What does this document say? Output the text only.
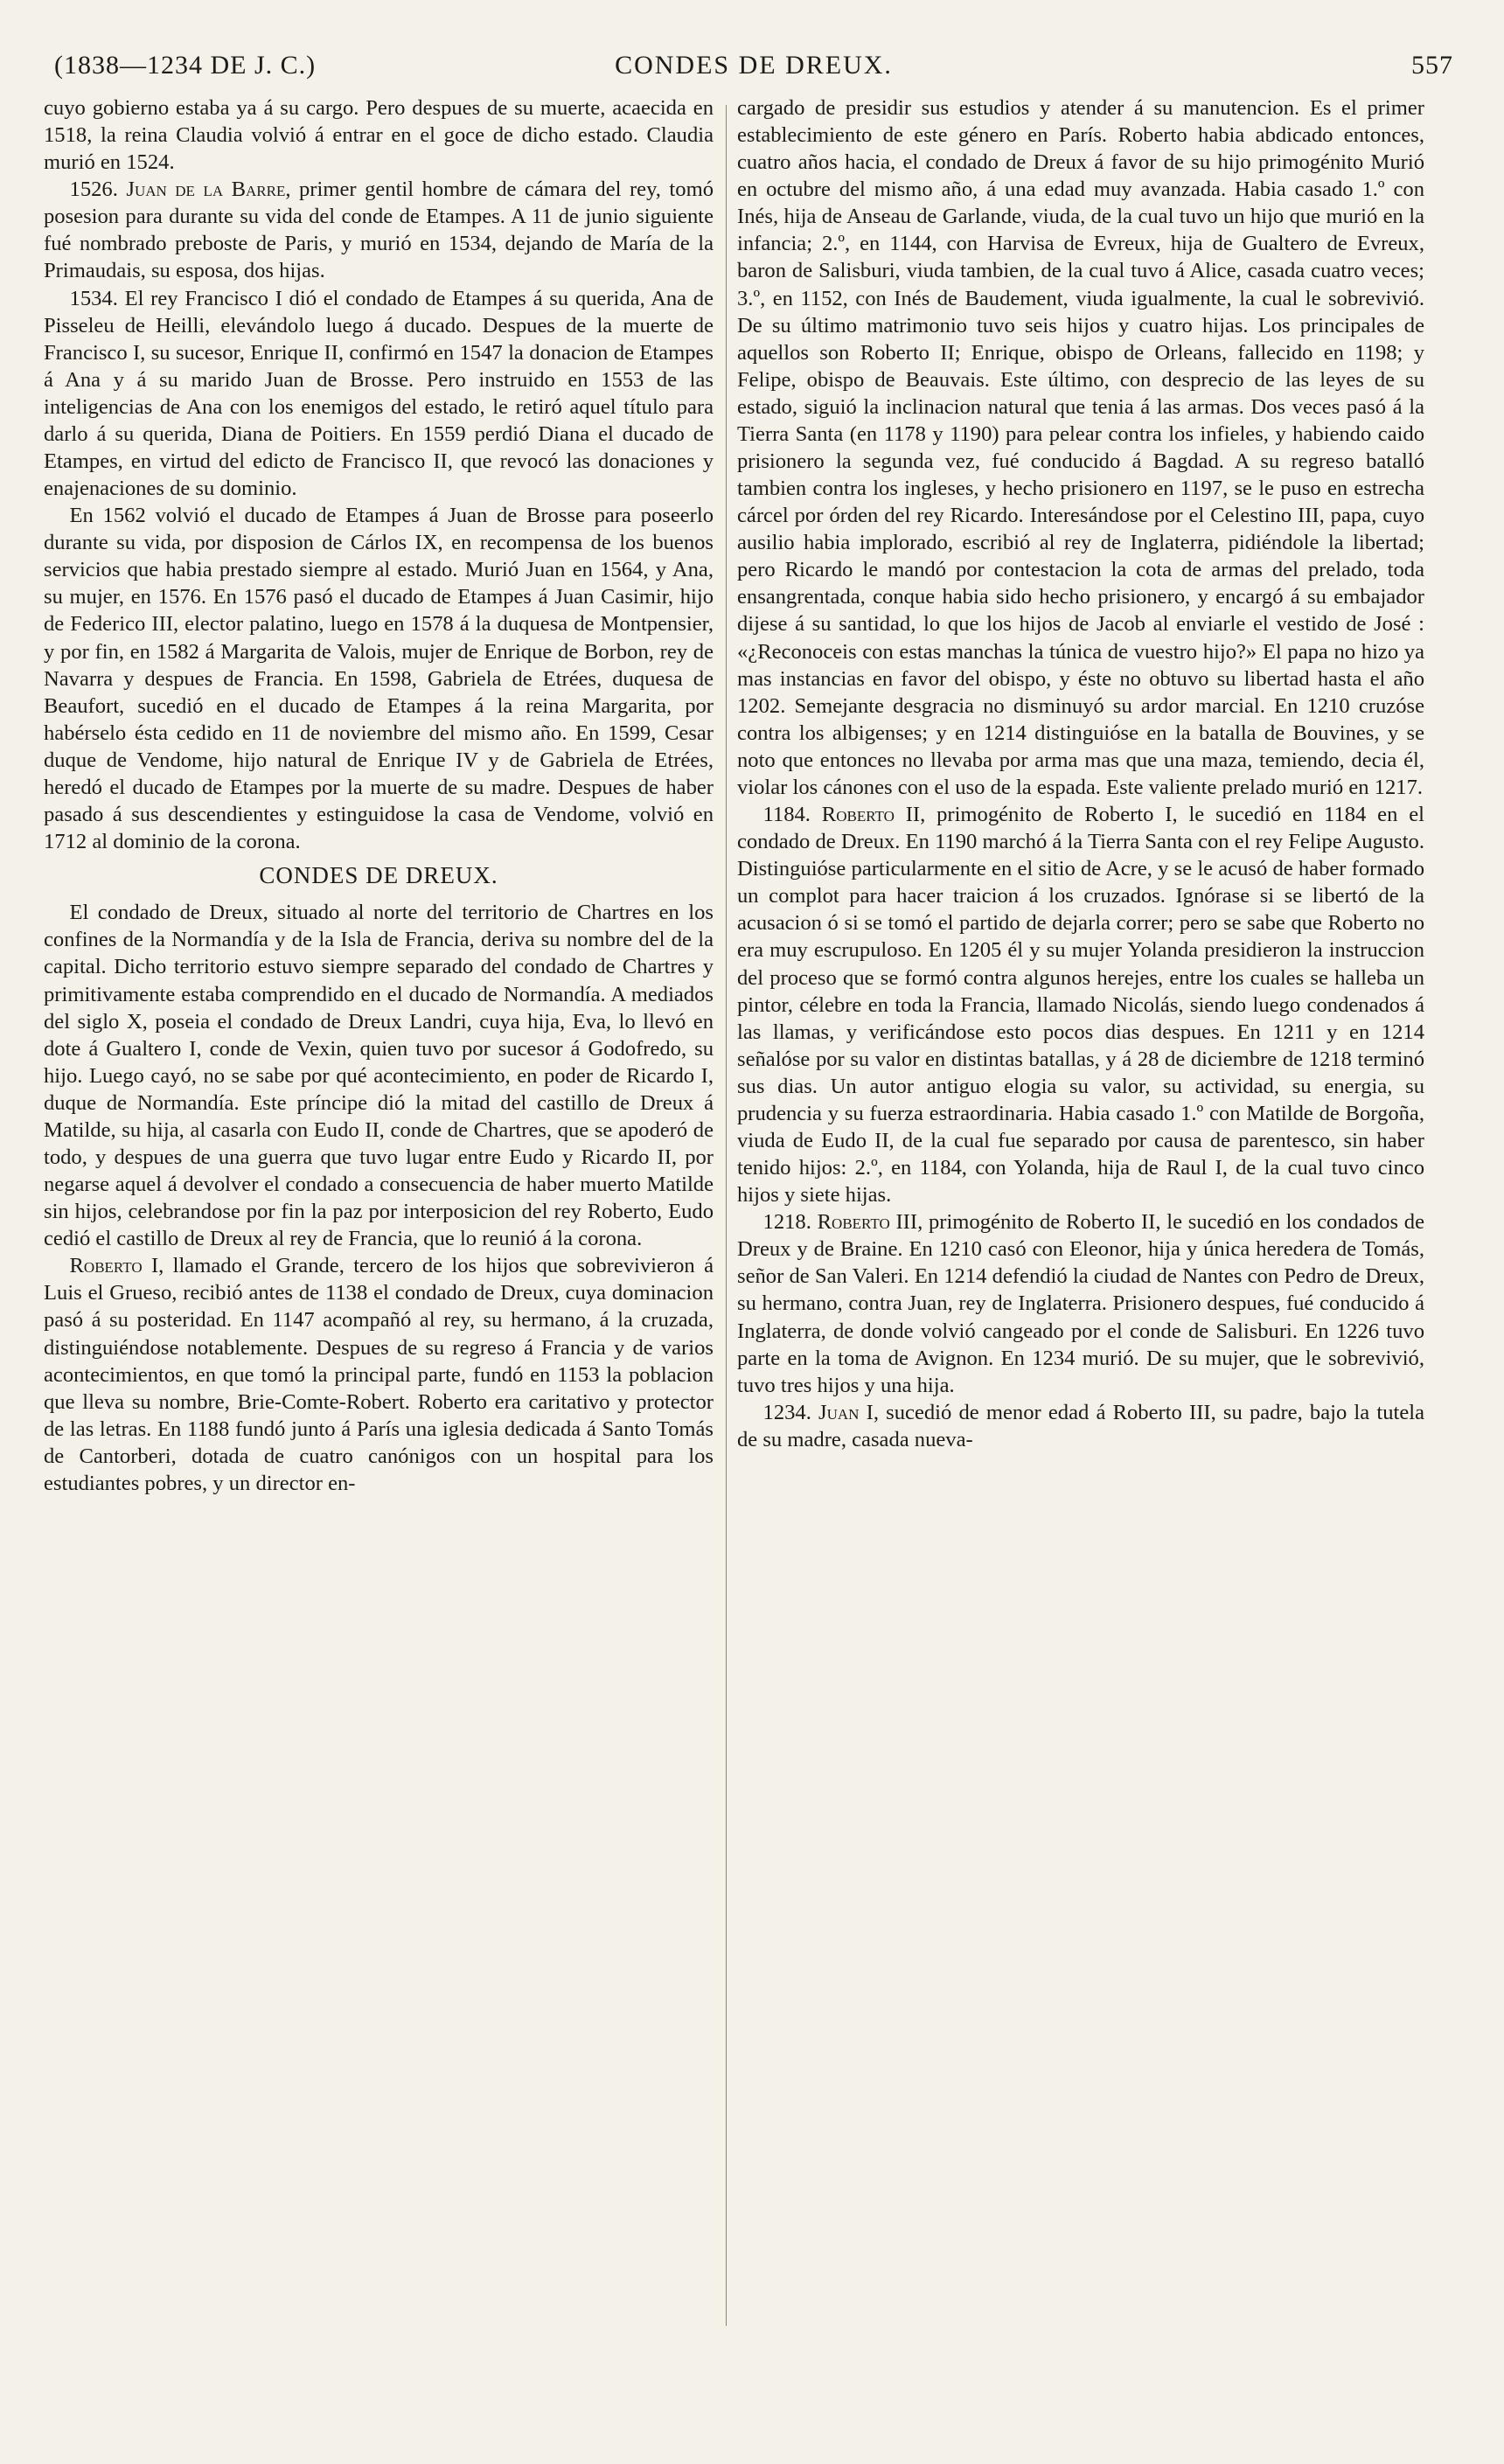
(1838—1234 DE J. C.)	CONDES DE DREUX.	557

cuyo gobierno estaba ya á su cargo. Pero despues de su muerte, acaecida en 1518, la reina Claudia volvió á entrar en el goce de dicho estado. Claudia murió en 1524.

1526. Juan de la Barre, primer gentil hombre de cámara del rey, tomó posesion para durante su vida del conde de Etampes. A 11 de junio siguiente fué nombrado preboste de Paris, y murió en 1534, dejando de María de la Primaudais, su esposa, dos hijas.

1534. El rey Francisco I dió el condado de Etampes á su querida, Ana de Pisseleu de Heilli, elevándolo luego á ducado. Despues de la muerte de Francisco I, su sucesor, Enrique II, confirmó en 1547 la donacion de Etampes á Ana y á su marido Juan de Brosse. Pero instruido en 1553 de las inteligencias de Ana con los enemigos del estado, le retiró aquel título para darlo á su querida, Diana de Poitiers. En 1559 perdió Diana el ducado de Etampes, en virtud del edicto de Francisco II, que revocó las donaciones y enajenaciones de su dominio.

En 1562 volvió el ducado de Etampes á Juan de Brosse para poseerlo durante su vida, por disposion de Cárlos IX, en recompensa de los buenos servicios que habia prestado siempre al estado. Murió Juan en 1564, y Ana, su mujer, en 1576. En 1576 pasó el ducado de Etampes á Juan Casimir, hijo de Federico III, elector palatino, luego en 1578 á la duquesa de Montpensier, y por fin, en 1582 á Margarita de Valois, mujer de Enrique de Borbon, rey de Navarra y despues de Francia. En 1598, Gabriela de Etrées, duquesa de Beaufort, sucedió en el ducado de Etampes á la reina Margarita, por habérselo ésta cedido en 11 de noviembre del mismo año. En 1599, Cesar duque de Vendome, hijo natural de Enrique IV y de Gabriela de Etrées, heredó el ducado de Etampes por la muerte de su madre. Despues de haber pasado á sus descendientes y estinguidose la casa de Vendome, volvió en 1712 al dominio de la corona.

CONDES DE DREUX.

El condado de Dreux, situado al norte del territorio de Chartres en los confines de la Normandía y de la Isla de Francia, deriva su nombre del de la capital. Dicho territorio estuvo siempre separado del condado de Chartres y primitivamente estaba comprendido en el ducado de Normandía. A mediados del siglo X, poseia el condado de Dreux Landri, cuya hija, Eva, lo llevó en dote á Gualtero I, conde de Vexin, quien tuvo por sucesor á Godofredo, su hijo. Luego cayó, no se sabe por qué acontecimiento, en poder de Ricardo I, duque de Normandía. Este príncipe dió la mitad del castillo de Dreux á Matilde, su hija, al casarla con Eudo II, conde de Chartres, que se apoderó de todo, y despues de una guerra que tuvo lugar entre Eudo y Ricardo II, por negarse aquel á devolver el condado a consecuencia de haber muerto Matilde sin hijos, celebrandose por fin la paz por interposicion del rey Roberto, Eudo cedió el castillo de Dreux al rey de Francia, que lo reunió á la corona.

Roberto I, llamado el Grande, tercero de los hijos que sobrevivieron á Luis el Grueso, recibió antes de 1138 el condado de Dreux, cuya dominacion pasó á su posteridad. En 1147 acompañó al rey, su hermano, á la cruzada, distinguiéndose notablemente. Despues de su regreso á Francia y de varios acontecimientos, en que tomó la principal parte, fundó en 1153 la poblacion que lleva su nombre, Brie-Comte-Robert. Roberto era caritativo y protector de las letras. En 1188 fundó junto á París una iglesia dedicada á Santo Tomás de Cantorberi, dotada de cuatro canónigos con un hospital para los estudiantes pobres, y un director en-

cargado de presidir sus estudios y atender á su manutencion. Es el primer establecimiento de este género en París. Roberto habia abdicado entonces, cuatro años hacia, el condado de Dreux á favor de su hijo primogénito Murió en octubre del mismo año, á una edad muy avanzada. Habia casado 1.º con Inés, hija de Anseau de Garlande, viuda, de la cual tuvo un hijo que murió en la infancia; 2.º, en 1144, con Harvisa de Evreux, hija de Gualtero de Evreux, baron de Salisburi, viuda tambien, de la cual tuvo á Alice, casada cuatro veces; 3.º, en 1152, con Inés de Baudement, viuda igualmente, la cual le sobrevivió. De su último matrimonio tuvo seis hijos y cuatro hijas. Los principales de aquellos son Roberto II; Enrique, obispo de Orleans, fallecido en 1198; y Felipe, obispo de Beauvais. Este último, con desprecio de las leyes de su estado, siguió la inclinacion natural que tenia á las armas. Dos veces pasó á la Tierra Santa (en 1178 y 1190) para pelear contra los infieles, y habiendo caido prisionero la segunda vez, fué conducido á Bagdad. A su regreso batalló tambien contra los ingleses, y hecho prisionero en 1197, se le puso en estrecha cárcel por órden del rey Ricardo. Interesándose por el Celestino III, papa, cuyo ausilio habia implorado, escribió al rey de Inglaterra, pidiéndole la libertad; pero Ricardo le mandó por contestacion la cota de armas del prelado, toda ensangrentada, conque habia sido hecho prisionero, y encargó á su embajador dijese á su santidad, lo que los hijos de Jacob al enviarle el vestido de José : «¿Reconoceis con estas manchas la túnica de vuestro hijo?» El papa no hizo ya mas instancias en favor del obispo, y éste no obtuvo su libertad hasta el año 1202. Semejante desgracia no disminuyó su ardor marcial. En 1210 cruzóse contra los albigenses; y en 1214 distinguióse en la batalla de Bouvines, y se noto que entonces no llevaba por arma mas que una maza, temiendo, decia él, violar los cánones con el uso de la espada. Este valiente prelado murió en 1217.

1184. Roberto II, primogénito de Roberto I, le sucedió en 1184 en el condado de Dreux. En 1190 marchó á la Tierra Santa con el rey Felipe Augusto. Distinguióse particularmente en el sitio de Acre, y se le acusó de haber formado un complot para hacer traicion á los cruzados. Ignórase si se libertó de la acusacion ó si se tomó el partido de dejarla correr; pero se sabe que Roberto no era muy escrupuloso. En 1205 él y su mujer Yolanda presidieron la instruccion del proceso que se formó contra algunos herejes, entre los cuales se halleba un pintor, célebre en toda la Francia, llamado Nicolás, siendo luego condenados á las llamas, y verificándose esto pocos dias despues. En 1211 y en 1214 señalóse por su valor en distintas batallas, y á 28 de diciembre de 1218 terminó sus dias. Un autor antiguo elogia su valor, su actividad, su energia, su prudencia y su fuerza estraordinaria. Habia casado 1.º con Matilde de Borgoña, viuda de Eudo II, de la cual fue separado por causa de parentesco, sin haber tenido hijos: 2.º, en 1184, con Yolanda, hija de Raul I, de la cual tuvo cinco hijos y siete hijas.

1218. Roberto III, primogénito de Roberto II, le sucedió en los condados de Dreux y de Braine. En 1210 casó con Eleonor, hija y única heredera de Tomás, señor de San Valeri. En 1214 defendió la ciudad de Nantes con Pedro de Dreux, su hermano, contra Juan, rey de Inglaterra. Prisionero despues, fué conducido á Inglaterra, de donde volvió cangeado por el conde de Salisburi. En 1226 tuvo parte en la toma de Avignon. En 1234 murió. De su mujer, que le sobrevivió, tuvo tres hijos y una hija.

1234. Juan I, sucedió de menor edad á Roberto III, su padre, bajo la tutela de su madre, casada nueva-
